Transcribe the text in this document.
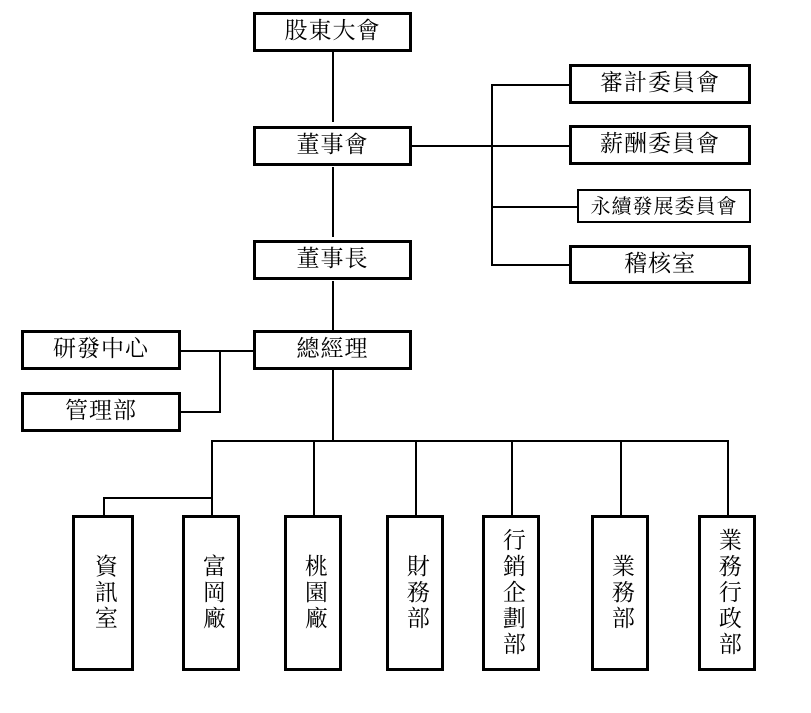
股東大會
董事會
董事長
總經理
審計委員會
薪酬委員會
永續發展委員會
稽核室
研發中心
管理部
資訊室	富岡廠	桃園廠	財務部	行銷企劃部	業務部	業務行政部
